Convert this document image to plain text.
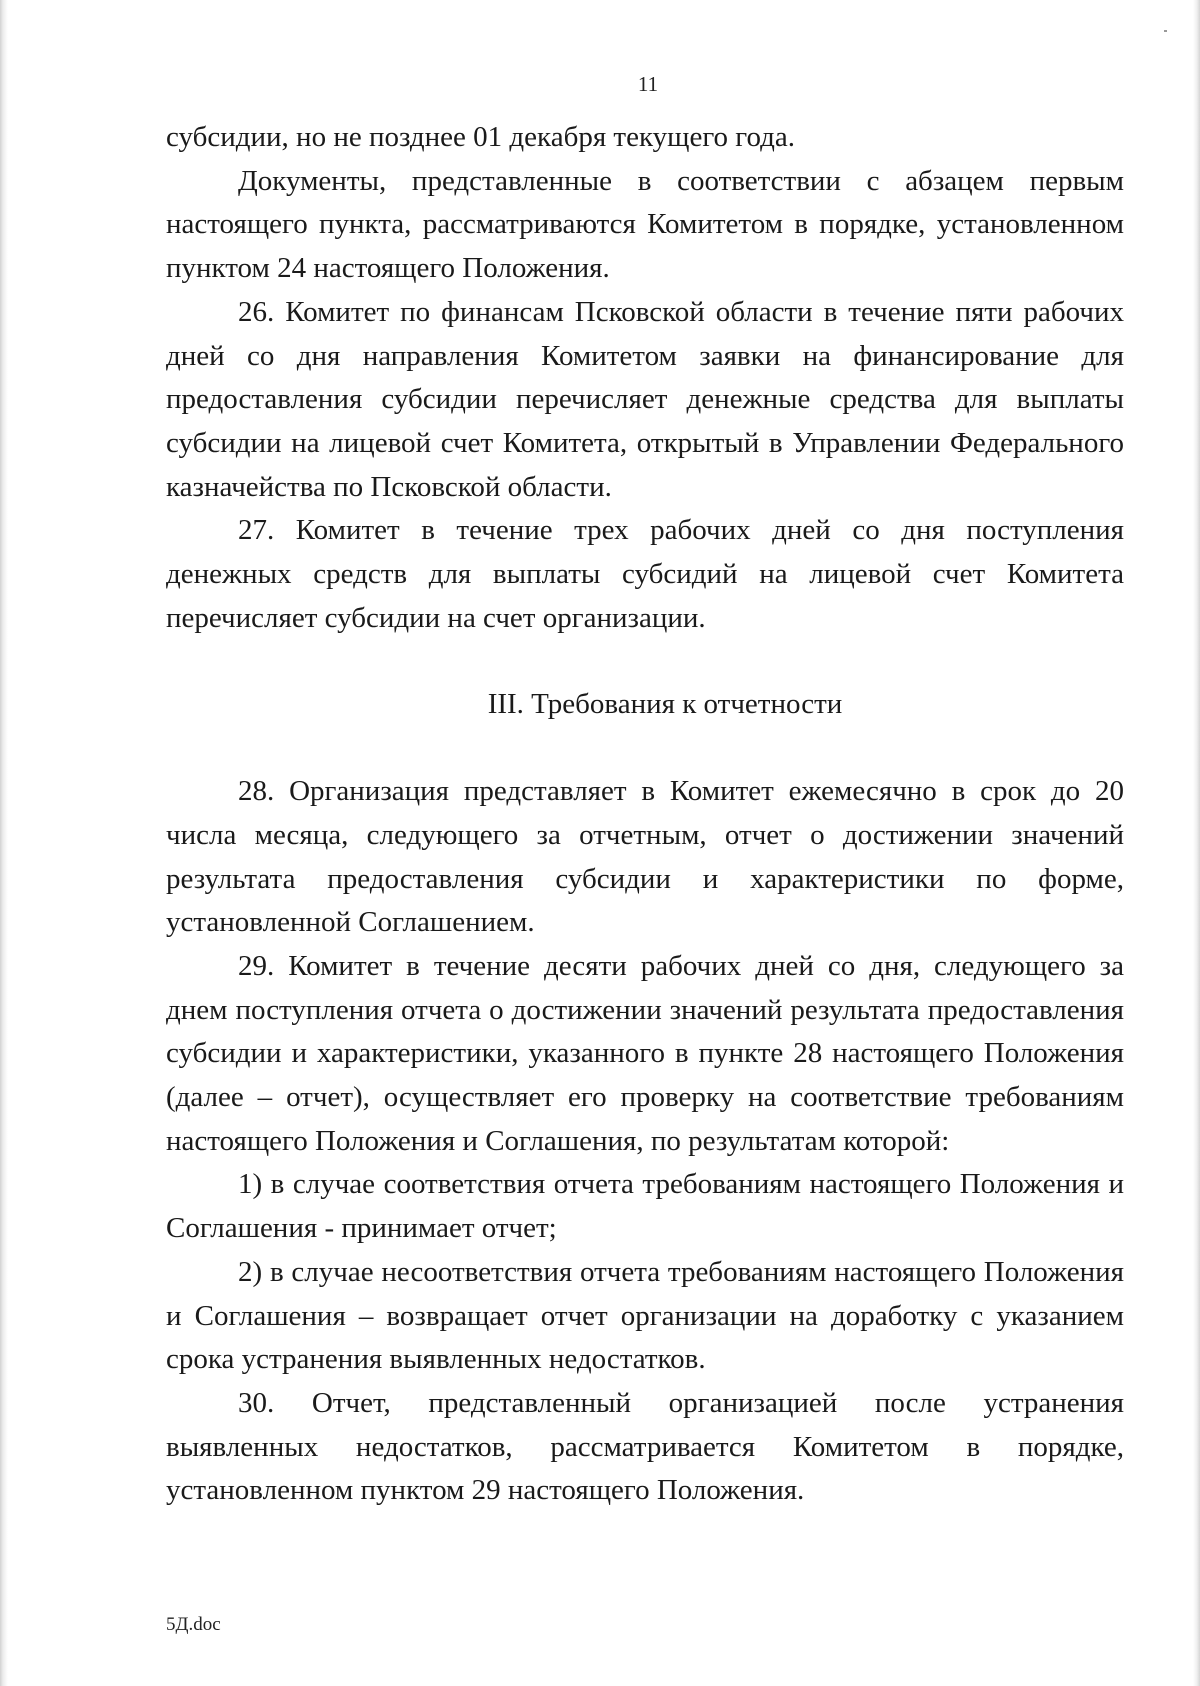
11

субсидии, но не позднее 01 декабря текущего года.

Документы, представленные в соответствии с абзацем первым настоящего пункта, рассматриваются Комитетом в порядке, установленном пунктом 24 настоящего Положения.

26. Комитет по финансам Псковской области в течение пяти рабочих дней со дня направления Комитетом заявки на финансирование для предоставления субсидии перечисляет денежные средства для выплаты субсидии на лицевой счет Комитета, открытый в Управлении Федерального казначейства по Псковской области.

27. Комитет в течение трех рабочих дней со дня поступления денежных средств для выплаты субсидий на лицевой счет Комитета перечисляет субсидии на счет организации.

III. Требования к отчетности

28. Организация представляет в Комитет ежемесячно в срок до 20 числа месяца, следующего за отчетным, отчет о достижении значений результата предоставления субсидии и характеристики по форме, установленной Соглашением.

29. Комитет в течение десяти рабочих дней со дня, следующего за днем поступления отчета о достижении значений результата предоставления субсидии и характеристики, указанного в пункте 28 настоящего Положения (далее – отчет), осуществляет его проверку на соответствие требованиям настоящего Положения и Соглашения, по результатам которой:

1) в случае соответствия отчета требованиям настоящего Положения и Соглашения - принимает отчет;

2) в случае несоответствия отчета требованиям настоящего Положения и Соглашения – возвращает отчет организации на доработку с указанием срока устранения выявленных недостатков.

30. Отчет, представленный организацией после устранения выявленных недостатков, рассматривается Комитетом в порядке, установленном пунктом 29 настоящего Положения.

5Д.doc
